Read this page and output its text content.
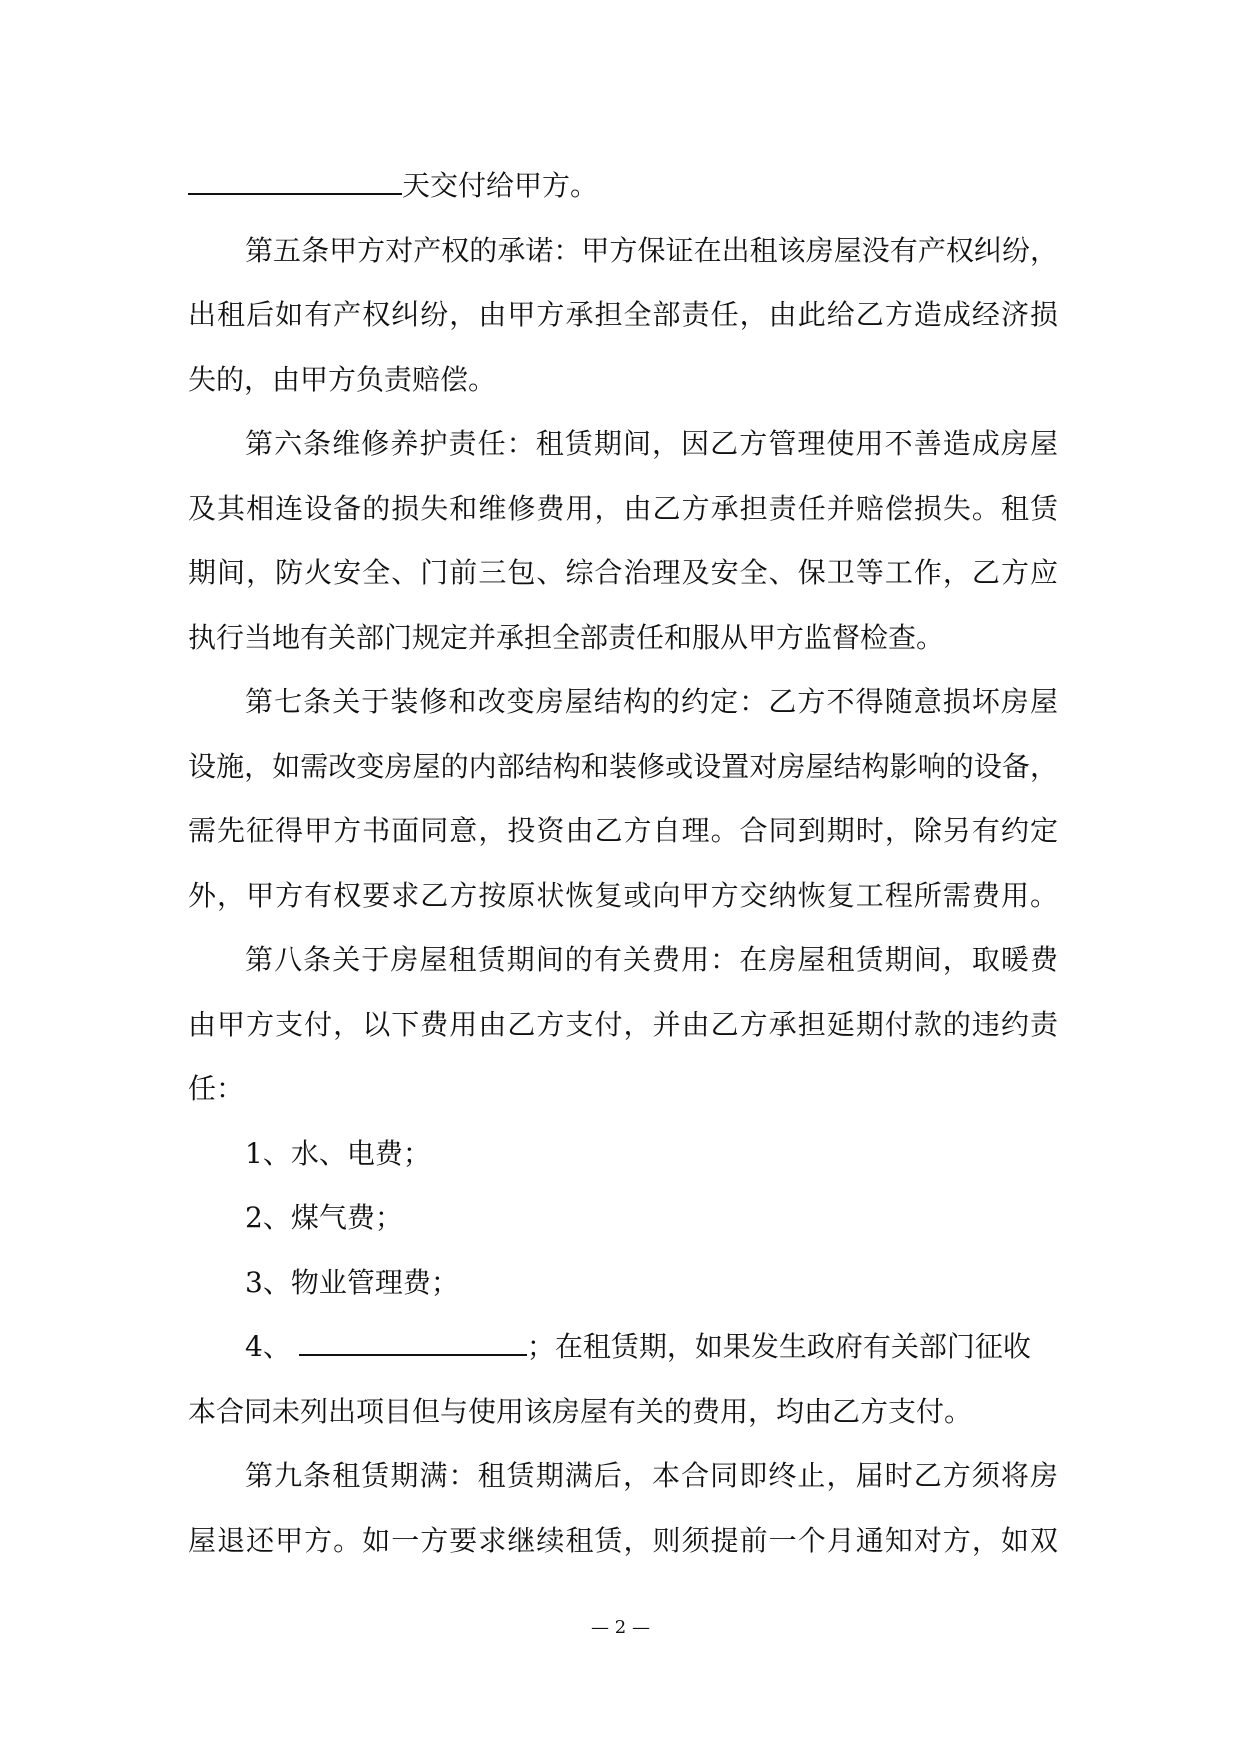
天交付给甲方。
第五条甲方对产权的承诺：甲方保证在出租该房屋没有产权纠纷，
出租后如有产权纠纷，由甲方承担全部责任，由此给乙方造成经济损
失的，由甲方负责赔偿。
第六条维修养护责任：租赁期间，因乙方管理使用不善造成房屋
及其相连设备的损失和维修费用，由乙方承担责任并赔偿损失。租赁
期间，防火安全、门前三包、综合治理及安全、保卫等工作，乙方应
执行当地有关部门规定并承担全部责任和服从甲方监督检查。
第七条关于装修和改变房屋结构的约定：乙方不得随意损坏房屋
设施，如需改变房屋的内部结构和装修或设置对房屋结构影响的设备，
需先征得甲方书面同意，投资由乙方自理。合同到期时，除另有约定
外，甲方有权要求乙方按原状恢复或向甲方交纳恢复工程所需费用。
第八条关于房屋租赁期间的有关费用：在房屋租赁期间，取暖费
由甲方支付，以下费用由乙方支付，并由乙方承担延期付款的违约责
任：
1、水、电费；
2、煤气费；
3、物业管理费；
4、	；在租赁期，如果发生政府有关部门征收
本合同未列出项目但与使用该房屋有关的费用，均由乙方支付。
第九条租赁期满：租赁期满后，本合同即终止，届时乙方须将房
屋退还甲方。如一方要求继续租赁，则须提前一个月通知对方，如双
— 2 —
